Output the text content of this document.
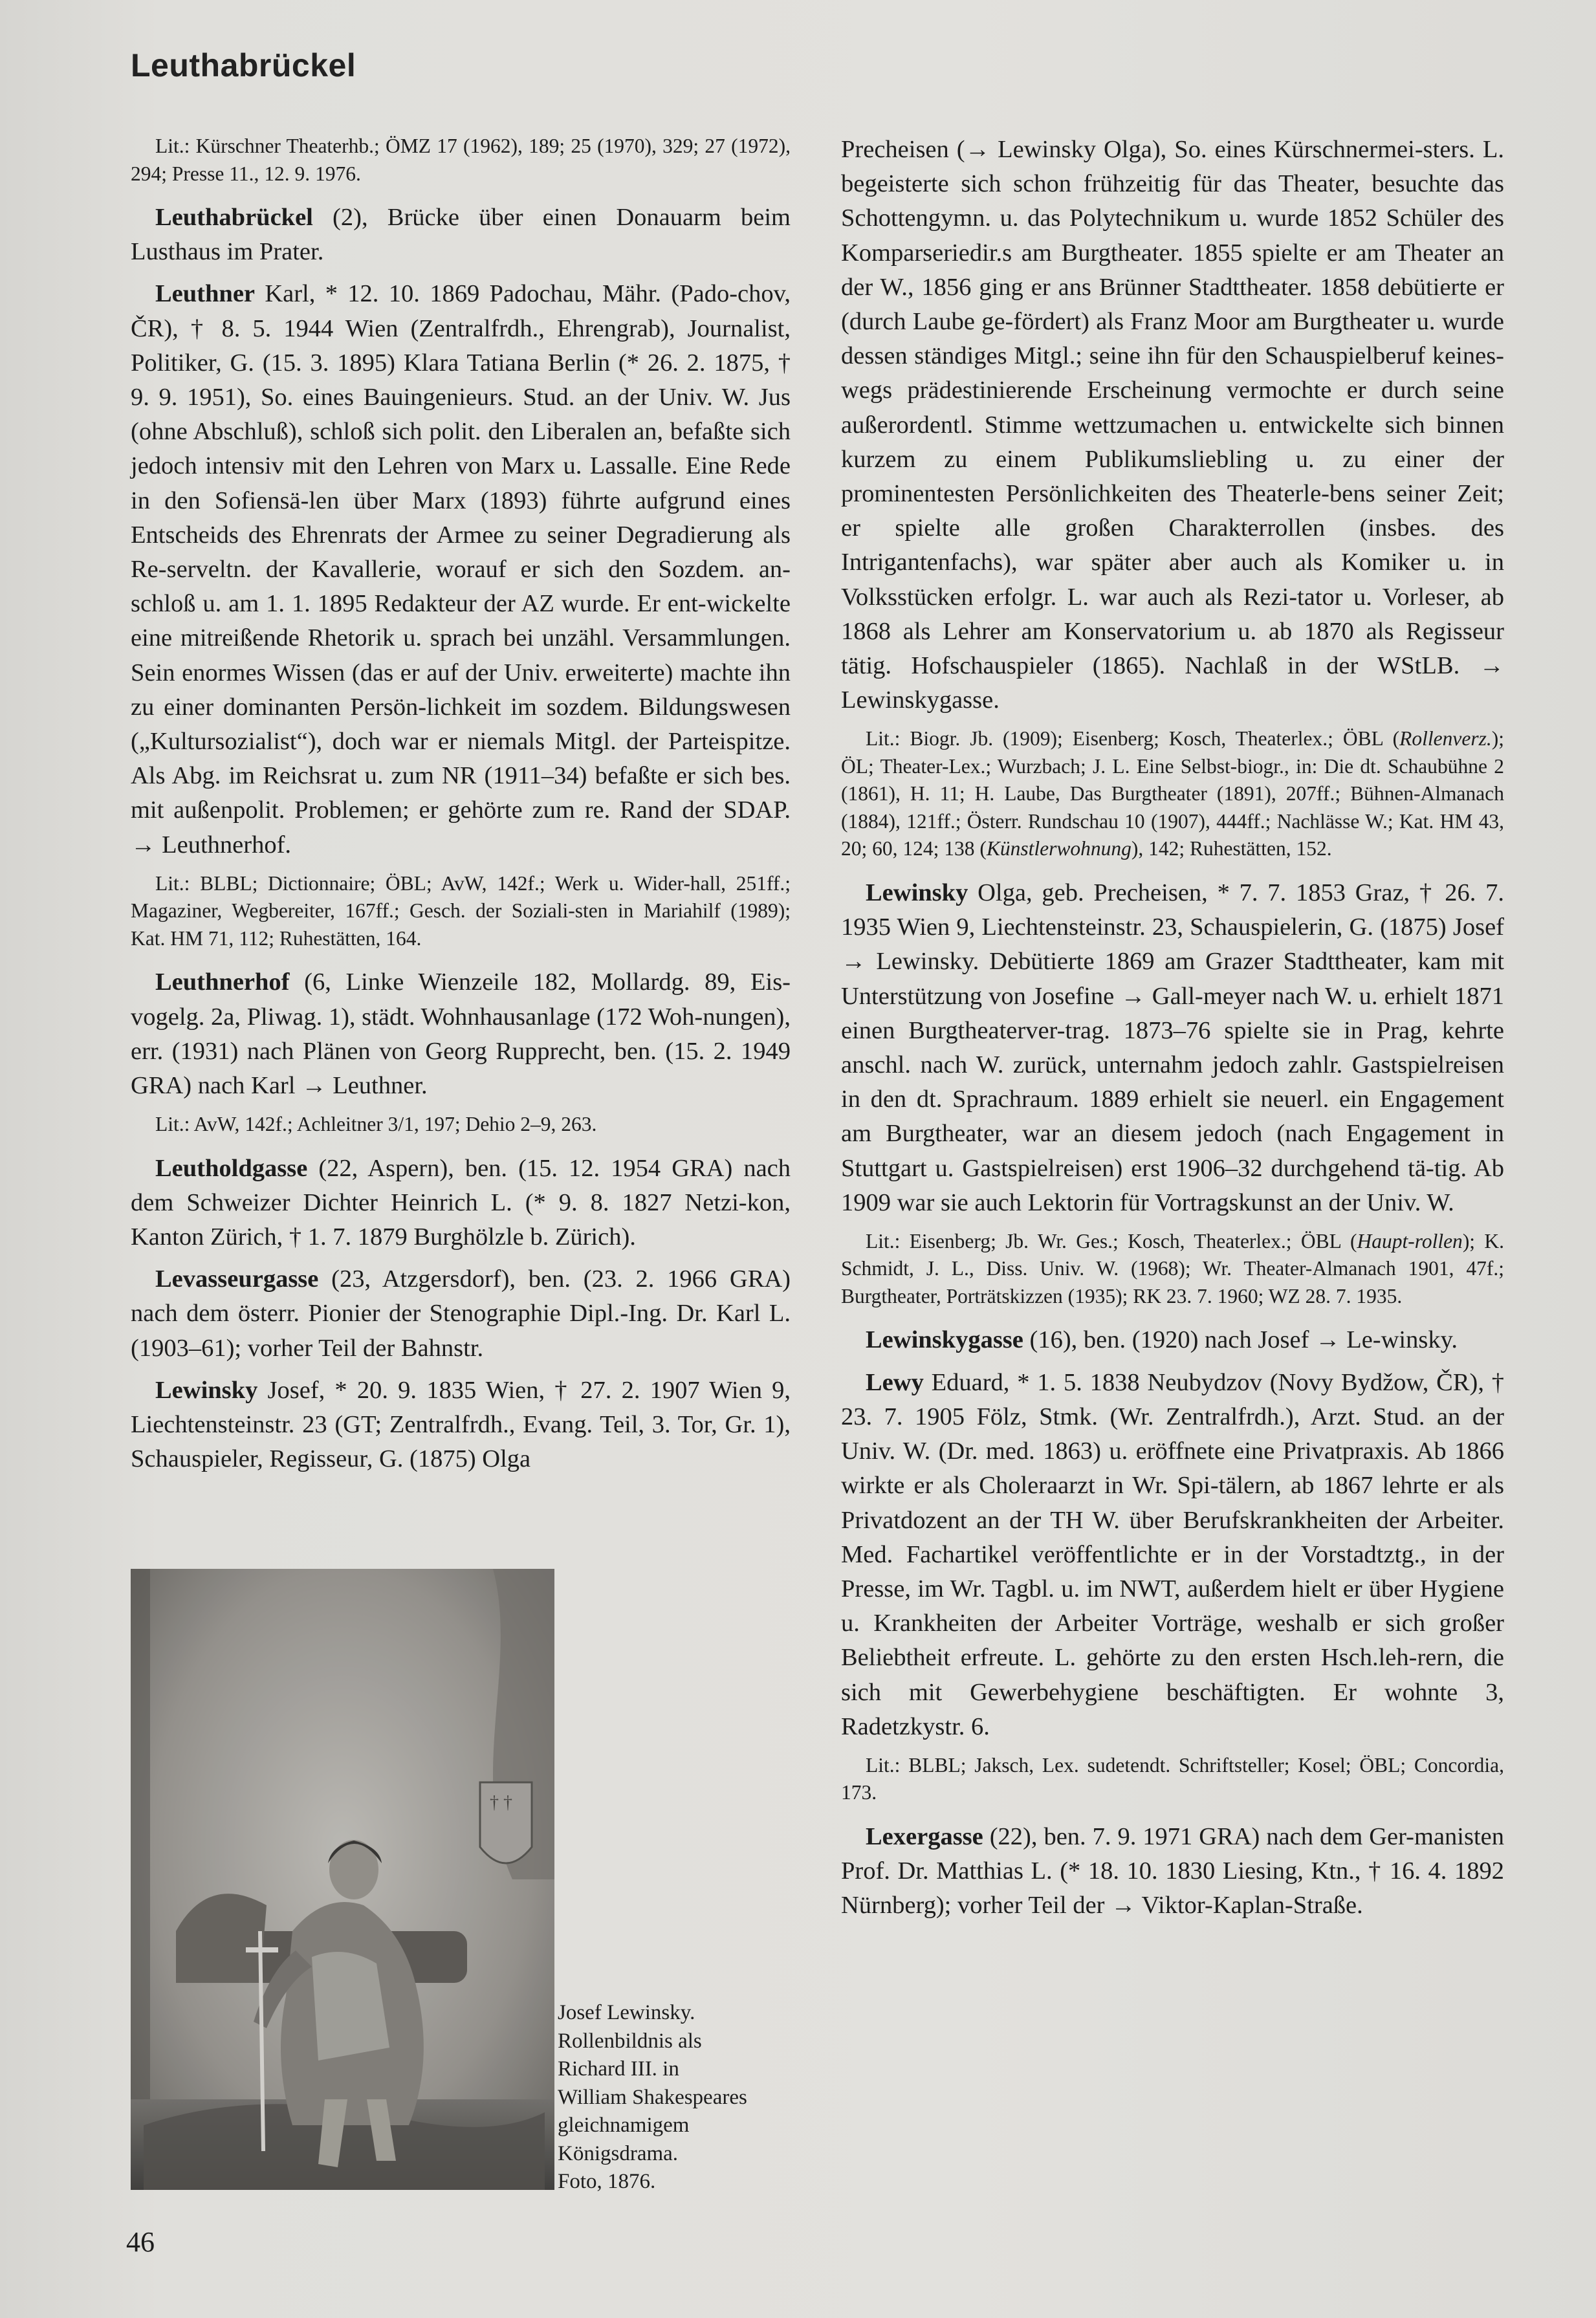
Leuthabrückel

Lit.: Kürschner Theaterhb.; ÖMZ 17 (1962), 189; 25 (1970), 329; 27 (1972), 294; Presse 11., 12. 9. 1976.

Leuthabrückel (2), Brücke über einen Donauarm beim Lusthaus im Prater.

Leuthner Karl, * 12. 10. 1869 Padochau, Mähr. (Pado-chov, ČR), † 8. 5. 1944 Wien (Zentralfrdh., Ehrengrab), Journalist, Politiker, G. (15. 3. 1895) Klara Tatiana Berlin (* 26. 2. 1875, † 9. 9. 1951), So. eines Bauingenieurs. Stud. an der Univ. W. Jus (ohne Abschluß), schloß sich polit. den Liberalen an, befaßte sich jedoch intensiv mit den Lehren von Marx u. Lassalle. Eine Rede in den Sofiensä-len über Marx (1893) führte aufgrund eines Entscheids des Ehrenrats der Armee zu seiner Degradierung als Re-serveltn. der Kavallerie, worauf er sich den Sozdem. an-schloß u. am 1. 1. 1895 Redakteur der AZ wurde. Er ent-wickelte eine mitreißende Rhetorik u. sprach bei unzähl. Versammlungen. Sein enormes Wissen (das er auf der Univ. erweiterte) machte ihn zu einer dominanten Persön-lichkeit im sozdem. Bildungswesen („Kultursozialist“), doch war er niemals Mitgl. der Parteispitze. Als Abg. im Reichsrat u. zum NR (1911–34) befaßte er sich bes. mit außenpolit. Problemen; er gehörte zum re. Rand der SDAP. → Leuthnerhof.

Lit.: BLBL; Dictionnaire; ÖBL; AvW, 142f.; Werk u. Wider-hall, 251ff.; Magaziner, Wegbereiter, 167ff.; Gesch. der Soziali-sten in Mariahilf (1989); Kat. HM 71, 112; Ruhestätten, 164.

Leuthnerhof (6, Linke Wienzeile 182, Mollardg. 89, Eis-vogelg. 2a, Pliwag. 1), städt. Wohnhausanlage (172 Woh-nungen), err. (1931) nach Plänen von Georg Rupprecht, ben. (15. 2. 1949 GRA) nach Karl → Leuthner.

Lit.: AvW, 142f.; Achleitner 3/1, 197; Dehio 2–9, 263.

Leutholdgasse (22, Aspern), ben. (15. 12. 1954 GRA) nach dem Schweizer Dichter Heinrich L. (* 9. 8. 1827 Netzi-kon, Kanton Zürich, † 1. 7. 1879 Burghölzle b. Zürich).

Levasseurgasse (23, Atzgersdorf), ben. (23. 2. 1966 GRA) nach dem österr. Pionier der Stenographie Dipl.-Ing. Dr. Karl L. (1903–61); vorher Teil der Bahnstr.

Lewinsky Josef, * 20. 9. 1835 Wien, † 27. 2. 1907 Wien 9, Liechtensteinstr. 23 (GT; Zentralfrdh., Evang. Teil, 3. Tor, Gr. 1), Schauspieler, Regisseur, G. (1875) Olga

† †
Josef Lewinsky.
Rollenbildnis als
Richard III. in
William Shakespeares
gleichnamigem
Königsdrama.
Foto, 1876.

Precheisen (→ Lewinsky Olga), So. eines Kürschnermei-sters. L. begeisterte sich schon frühzeitig für das Theater, besuchte das Schottengymn. u. das Polytechnikum u. wurde 1852 Schüler des Komparseriedir.s am Burgtheater. 1855 spielte er am Theater an der W., 1856 ging er ans Brünner Stadttheater. 1858 debütierte er (durch Laube ge-fördert) als Franz Moor am Burgtheater u. wurde dessen ständiges Mitgl.; seine ihn für den Schauspielberuf keines-wegs prädestinierende Erscheinung vermochte er durch seine außerordentl. Stimme wettzumachen u. entwickelte sich binnen kurzem zu einem Publikumsliebling u. zu einer der prominentesten Persönlichkeiten des Theaterle-bens seiner Zeit; er spielte alle großen Charakterrollen (insbes. des Intrigantenfachs), war später aber auch als Komiker u. in Volksstücken erfolgr. L. war auch als Rezi-tator u. Vorleser, ab 1868 als Lehrer am Konservatorium u. ab 1870 als Regisseur tätig. Hofschauspieler (1865). Nachlaß in der WStLB. → Lewinskygasse.

Lit.: Biogr. Jb. (1909); Eisenberg; Kosch, Theaterlex.; ÖBL (Rollenverz.); ÖL; Theater-Lex.; Wurzbach; J. L. Eine Selbst-biogr., in: Die dt. Schaubühne 2 (1861), H. 11; H. Laube, Das Burgtheater (1891), 207ff.; Bühnen-Almanach (1884), 121ff.; Österr. Rundschau 10 (1907), 444ff.; Nachlässe W.; Kat. HM 43, 20; 60, 124; 138 (Künstlerwohnung), 142; Ruhestätten, 152.

Lewinsky Olga, geb. Precheisen, * 7. 7. 1853 Graz, † 26. 7. 1935 Wien 9, Liechtensteinstr. 23, Schauspielerin, G. (1875) Josef → Lewinsky. Debütierte 1869 am Grazer Stadttheater, kam mit Unterstützung von Josefine → Gall-meyer nach W. u. erhielt 1871 einen Burgtheaterver-trag. 1873–76 spielte sie in Prag, kehrte anschl. nach W. zurück, unternahm jedoch zahlr. Gastspielreisen in den dt. Sprachraum. 1889 erhielt sie neuerl. ein Engagement am Burgtheater, war an diesem jedoch (nach Engagement in Stuttgart u. Gastspielreisen) erst 1906–32 durchgehend tä-tig. Ab 1909 war sie auch Lektorin für Vortragskunst an der Univ. W.

Lit.: Eisenberg; Jb. Wr. Ges.; Kosch, Theaterlex.; ÖBL (Haupt-rollen); K. Schmidt, J. L., Diss. Univ. W. (1968); Wr. Theater-Almanach 1901, 47f.; Burgtheater, Porträtskizzen (1935); RK 23. 7. 1960; WZ 28. 7. 1935.

Lewinskygasse (16), ben. (1920) nach Josef → Le-winsky.

Lewy Eduard, * 1. 5. 1838 Neubydzov (Novy Bydžow, ČR), † 23. 7. 1905 Fölz, Stmk. (Wr. Zentralfrdh.), Arzt. Stud. an der Univ. W. (Dr. med. 1863) u. eröffnete eine Privatpraxis. Ab 1866 wirkte er als Choleraarzt in Wr. Spi-tälern, ab 1867 lehrte er als Privatdozent an der TH W. über Berufskrankheiten der Arbeiter. Med. Fachartikel veröffentlichte er in der Vorstadtztg., in der Presse, im Wr. Tagbl. u. im NWT, außerdem hielt er über Hygiene u. Krankheiten der Arbeiter Vorträge, weshalb er sich großer Beliebtheit erfreute. L. gehörte zu den ersten Hsch.leh-rern, die sich mit Gewerbehygiene beschäftigten. Er wohnte 3, Radetzkystr. 6.

Lit.: BLBL; Jaksch, Lex. sudetendt. Schriftsteller; Kosel; ÖBL; Concordia, 173.

Lexergasse (22), ben. 7. 9. 1971 GRA) nach dem Ger-manisten Prof. Dr. Matthias L. (* 18. 10. 1830 Liesing, Ktn., † 16. 4. 1892 Nürnberg); vorher Teil der → Viktor-Kaplan-Straße.

46
